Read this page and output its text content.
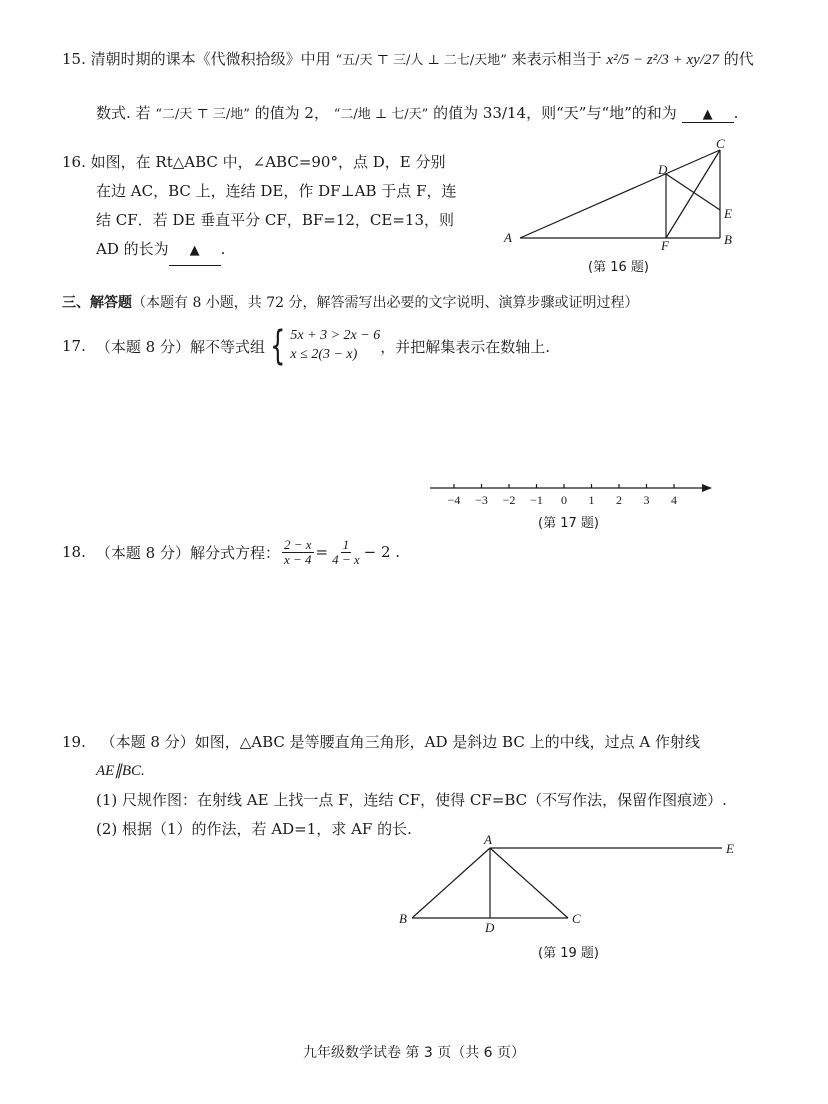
15. 清朝时期的课本《代微积拾级》中用 “五/天 ⊤ 三/人 ⊥ 二七/天地” 来表示相当于 x²/5 − z²/3 + xy/27 的代
数式. 若 “二/天 ⊤ 三/地” 的值为 2， “二/地 ⊥ 七/天” 的值为 33/14，则“天”与“地”的和为 ▲ .
16. 如图，在 Rt△ABC 中，∠ABC=90°，点 D，E 分别
在边 AC，BC 上，连结 DE，作 DF⊥AB 于点 F，连
结 CF．若 DE 垂直平分 CF，BF=12，CE=13，则
AD 的长为 ▲ .
A	B
C
D
E
F
(第 16 题)
三、解答题（本题有 8 小题，共 72 分，解答需写出必要的文字说明、演算步骤或证明过程）
17. （本题 8 分） 解不等式组 { 5x + 3 > 2x − 6
x ≤ 2(3 − x)	，并把解集表示在数轴上.
−4 −3 −2 −1 0 1 2 3 4
(第 17 题)
18. （本题 8 分） 解分式方程： $\frac{2 - x}{x - 4} = \frac{1}{4 - x} - 2$ .
19. （本题 8 分）如图，△ABC 是等腰直角三角形，AD 是斜边 BC 上的中线，过点 A 作射线
AE∥BC.
(1) 尺规作图：在射线 AE 上找一点 F，连结 CF，使得 CF=BC（不写作法，保留作图痕迹）.
(2) 根据（1）的作法，若 AD=1，求 AF 的长.
A
B	C
D
E
(第 19 题)
九年级数学试卷 第 3 页（共 6 页）
